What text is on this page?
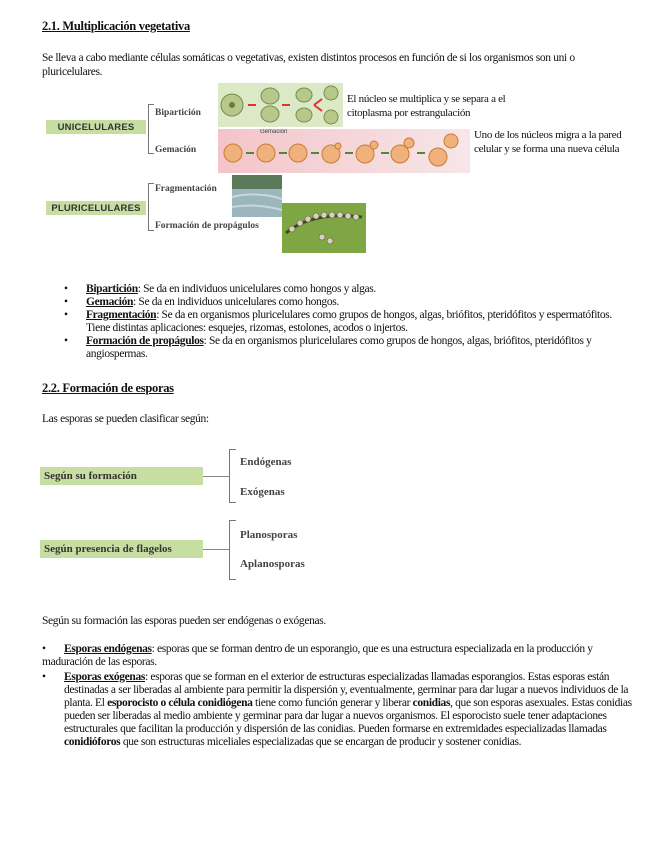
2.1. Multiplicación vegetativa
Se lleva a cabo mediante células somáticas o vegetativas, existen distintos procesos en función de si los organismos son uni o pluricelulares.
UNICELULARES
Bipartición
Gemación
PLURICELULARES
Fragmentación
Formación de propágulos
El núcleo se multiplica y se separa a el citoplasma por estrangulación
Gemación	Uno de los núcleos migra a la pared celular y se forma una nueva célula
• Bipartición: Se da en individuos unicelulares como hongos y algas.
• Gemación: Se da en individuos unicelulares como hongos.
• Fragmentación: Se da en organismos pluricelulares como grupos de hongos, algas, briófitos, pteridófitos y espermatófitos. Tiene distintas aplicaciones: esquejes, rizomas, estolones, acodos o injertos.
• Formación de propágulos: Se da en organismos pluricelulares como grupos de hongos, algas, briófitos, pteridófitos y angiospermas.
2.2. Formación de esporas
Las esporas se pueden clasificar según:
Según su formación
Endógenas
Exógenas
Según presencia de flagelos
Planosporas
Aplanosporas
Según su formación las esporas pueden ser endógenas o exógenas.
• Esporas endógenas: esporas que se forman dentro de un esporangio, que es una estructura especializada en la producción y maduración de las esporas.
• Esporas exógenas: esporas que se forman en el exterior de estructuras especializadas llamadas esporangios. Estas esporas están destinadas a ser liberadas al ambiente para permitir la dispersión y, eventualmente, germinar para dar lugar a nuevos individuos de la planta. El esporocisto o célula conidiógena tiene como función generar y liberar conidias, que son esporas asexuales. Estas conidias pueden ser liberadas al medio ambiente y germinar para dar lugar a nuevos organismos. El esporocisto suele tener adaptaciones estructurales que facilitan la producción y dispersión de las conidias. Pueden formarse en extremidades especializadas llamadas conidióforos que son estructuras miceliales especializadas que se encargan de producir y sostener conidias.
